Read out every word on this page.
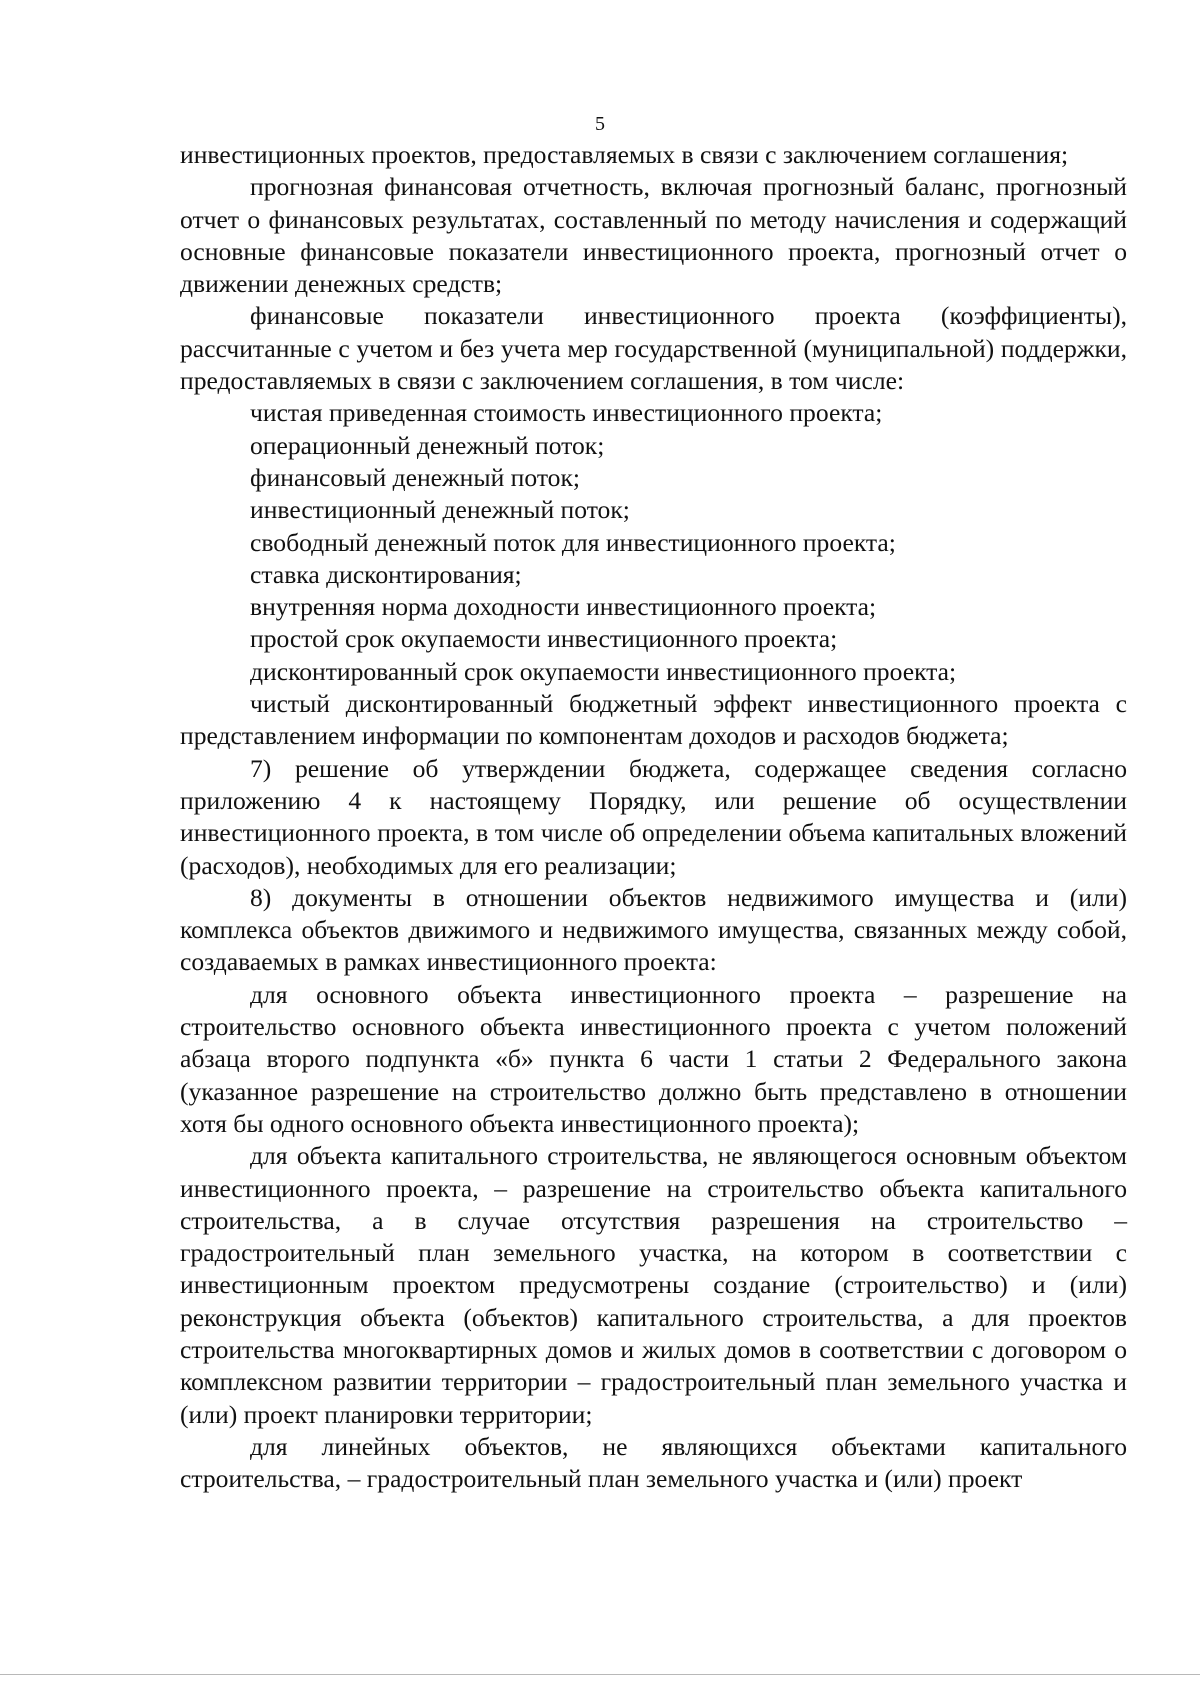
5

инвестиционных проектов, предоставляемых в связи с заключением соглашения;

прогнозная финансовая отчетность, включая прогнозный баланс, прогнозный отчет о финансовых результатах, составленный по методу начисления и содержащий основные финансовые показатели инвестиционного проекта, прогнозный отчет о движении денежных средств;

финансовые показатели инвестиционного проекта (коэффициенты), рассчитанные с учетом и без учета мер государственной (муниципальной) поддержки, предоставляемых в связи с заключением соглашения, в том числе:

чистая приведенная стоимость инвестиционного проекта;

операционный денежный поток;

финансовый денежный поток;

инвестиционный денежный поток;

свободный денежный поток для инвестиционного проекта;

ставка дисконтирования;

внутренняя норма доходности инвестиционного проекта;

простой срок окупаемости инвестиционного проекта;

дисконтированный срок окупаемости инвестиционного проекта;

чистый дисконтированный бюджетный эффект инвестиционного проекта с представлением информации по компонентам доходов и расходов бюджета;

7) решение об утверждении бюджета, содержащее сведения согласно приложению 4 к настоящему Порядку, или решение об осуществлении инвестиционного проекта, в том числе об определении объема капитальных вложений (расходов), необходимых для его реализации;

8) документы в отношении объектов недвижимого имущества и (или) комплекса объектов движимого и недвижимого имущества, связанных между собой, создаваемых в рамках инвестиционного проекта:

для основного объекта инвестиционного проекта – разрешение на строительство основного объекта инвестиционного проекта с учетом положений абзаца второго подпункта «б» пункта 6 части 1 статьи 2 Федерального закона (указанное разрешение на строительство должно быть представлено в отношении хотя бы одного основного объекта инвестиционного проекта);

для объекта капитального строительства, не являющегося основным объектом инвестиционного проекта, – разрешение на строительство объекта капитального строительства, а в случае отсутствия разрешения на строительство – градостроительный план земельного участка, на котором в соответствии с инвестиционным проектом предусмотрены создание (строительство) и (или) реконструкция объекта (объектов) капитального строительства, а для проектов строительства многоквартирных домов и жилых домов в соответствии с договором о комплексном развитии территории – градостроительный план земельного участка и (или) проект планировки территории;

для линейных объектов, не являющихся объектами капитального строительства, – градостроительный план земельного участка и (или) проект
